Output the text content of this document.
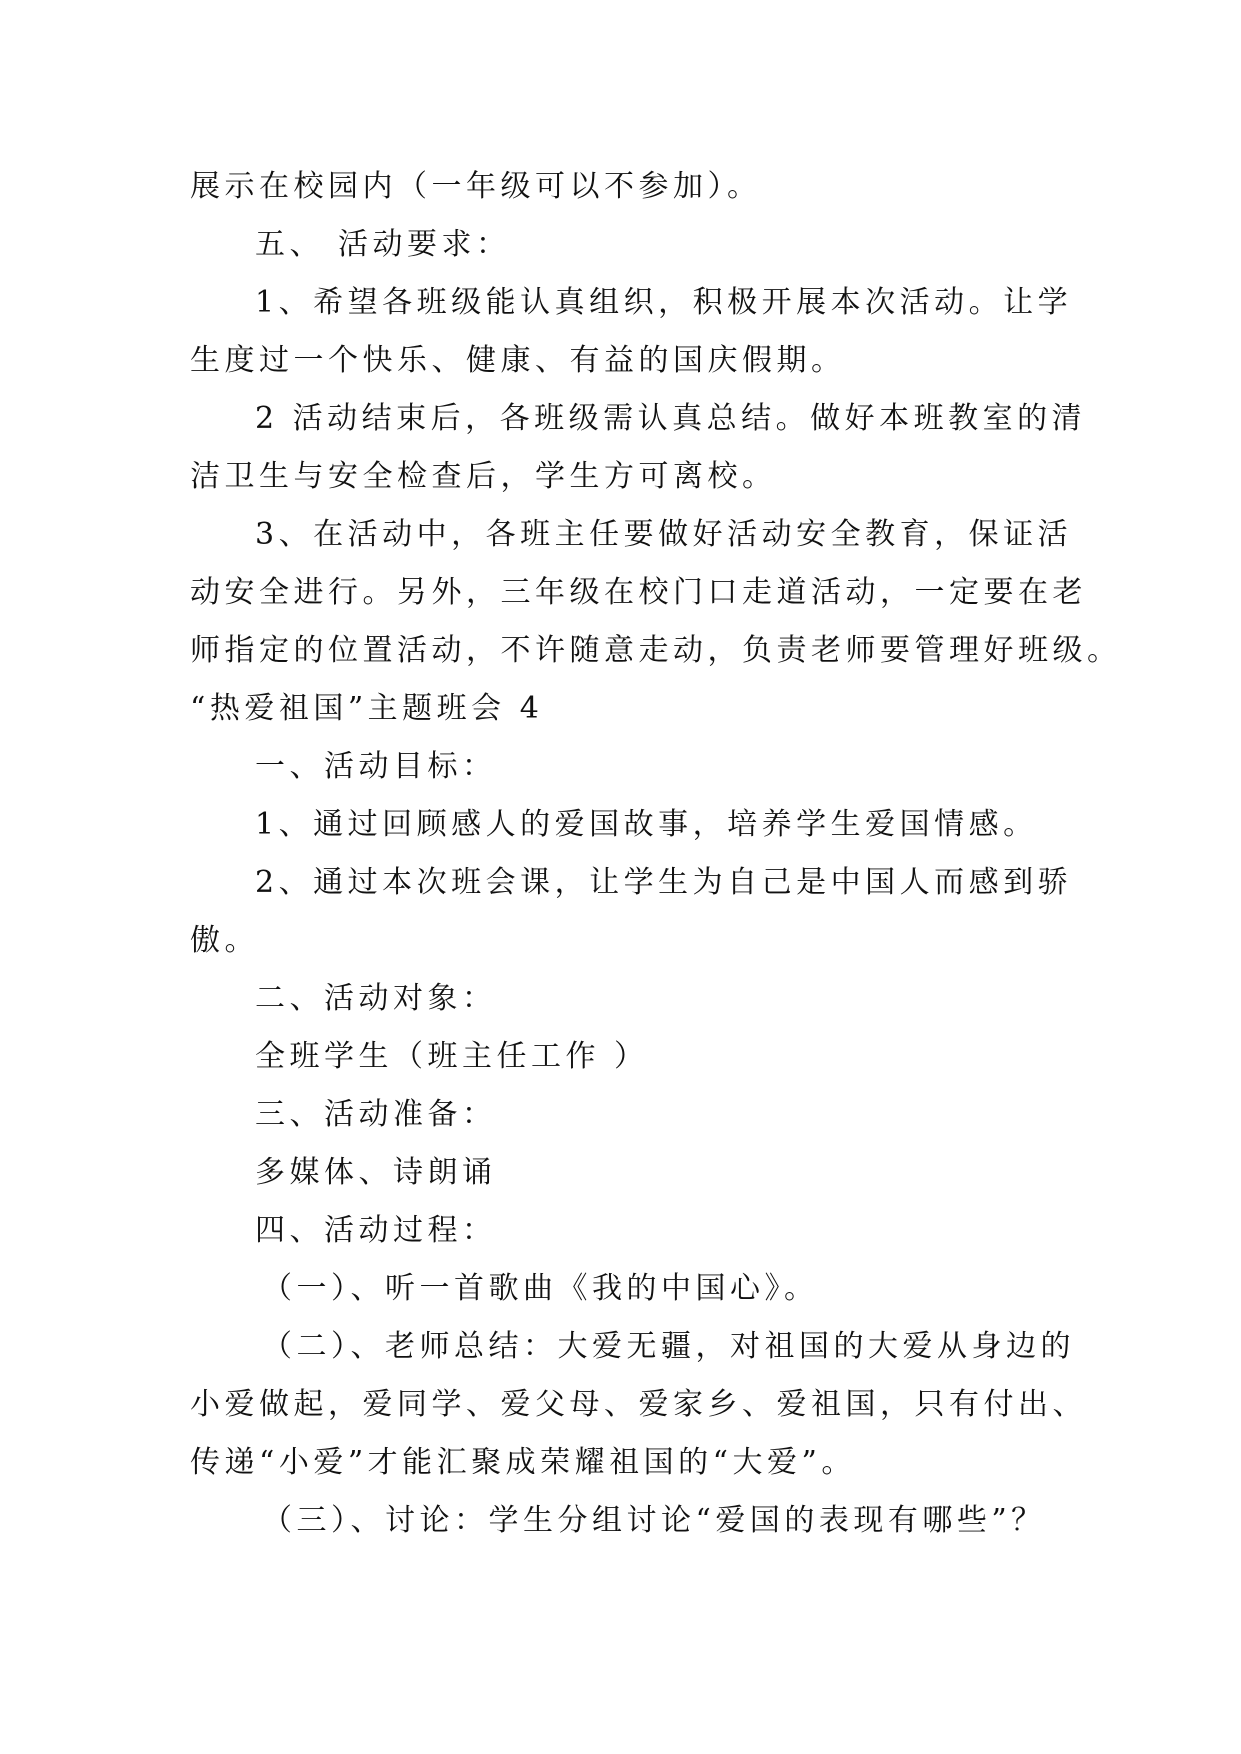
展示在校园内（一年级可以不参加）。
五、 活动要求：
1、希望各班级能认真组织，积极开展本次活动。让学
生度过一个快乐、健康、有益的国庆假期。
2 活动结束后，各班级需认真总结。做好本班教室的清
洁卫生与安全检查后，学生方可离校。
3、在活动中，各班主任要做好活动安全教育，保证活
动安全进行。另外，三年级在校门口走道活动，一定要在老
师指定的位置活动，不许随意走动，负责老师要管理好班级。
“热爱祖国”主题班会 4
一、活动目标：
1、通过回顾感人的爱国故事，培养学生爱国情感。
2、通过本次班会课，让学生为自己是中国人而感到骄
傲。
二、活动对象：
全班学生（班主任工作 ）
三、活动准备：
多媒体、诗朗诵
四、活动过程：
（一）、听一首歌曲《我的中国心》。
（二）、老师总结：大爱无疆，对祖国的大爱从身边的
小爱做起，爱同学、爱父母、爱家乡、爱祖国，只有付出、
传递“小爱”才能汇聚成荣耀祖国的“大爱”。
（三）、讨论：学生分组讨论“爱国的表现有哪些”？
